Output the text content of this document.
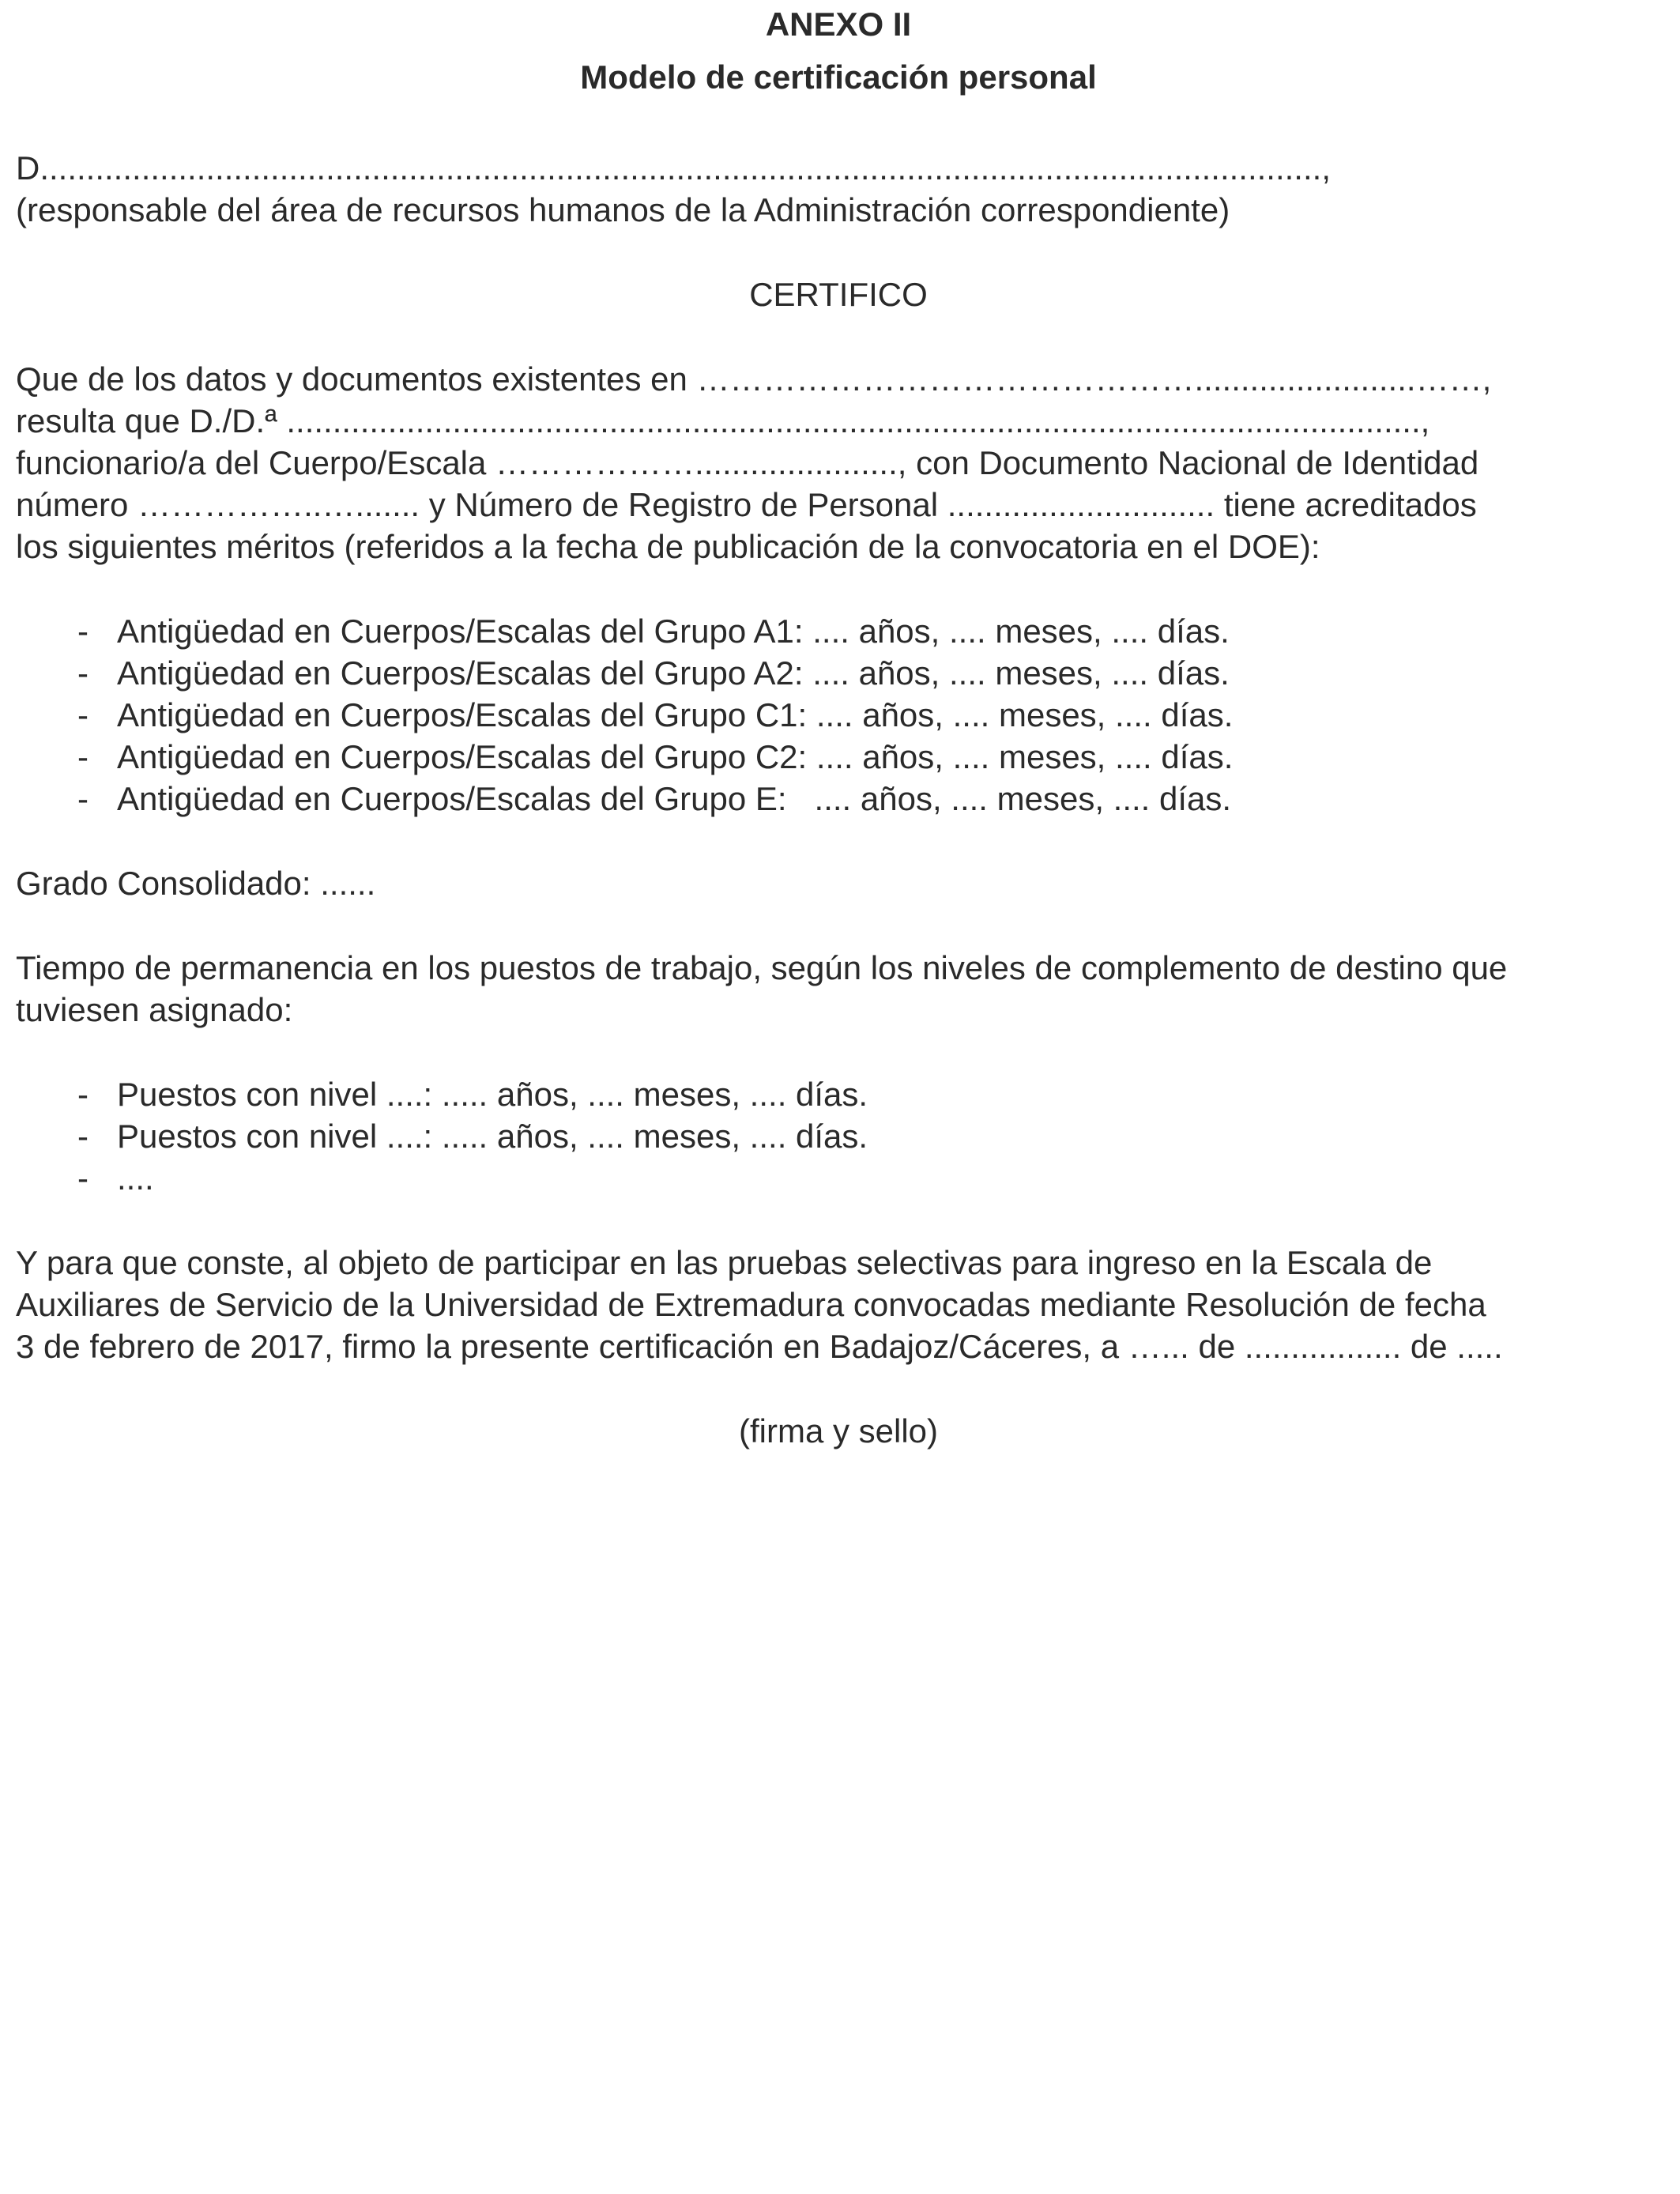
ANEXO II

Modelo de certificación personal

D...........................................................................................................................................,

(responsable del área de recursos humanos de la Administración correspondiente)

CERTIFICO

Que de los datos y documentos existentes en ………………………………………........................……,

resulta que D./D.ª ...........................................................................................................................,

funcionario/a del Cuerpo/Escala ………………......................, con Documento Nacional de Identidad

número ……………..…....... y Número de Registro de Personal ............................. tiene acreditados

los siguientes méritos (referidos a la fecha de publicación de la convocatoria en el DOE):

- Antigüedad en Cuerpos/Escalas del Grupo A1: .... años, .... meses, .... días.
- Antigüedad en Cuerpos/Escalas del Grupo A2: .... años, .... meses, .... días.
- Antigüedad en Cuerpos/Escalas del Grupo C1: .... años, .... meses, .... días.
- Antigüedad en Cuerpos/Escalas del Grupo C2: .... años, .... meses, .... días.
- Antigüedad en Cuerpos/Escalas del Grupo E:   .... años, .... meses, .... días.

Grado Consolidado: ......

Tiempo de permanencia en los puestos de trabajo, según los niveles de complemento de destino que

tuviesen asignado:

- Puestos con nivel ....: ..... años, .... meses, .... días.
- Puestos con nivel ....: ..... años, .... meses, .... días.
- ....

Y para que conste, al objeto de participar en las pruebas selectivas para ingreso en la Escala de

Auxiliares de Servicio de la Universidad de Extremadura convocadas mediante Resolución de fecha

3 de febrero de 2017, firmo la presente certificación en Badajoz/Cáceres, a …... de ................. de .....

(firma y sello)
